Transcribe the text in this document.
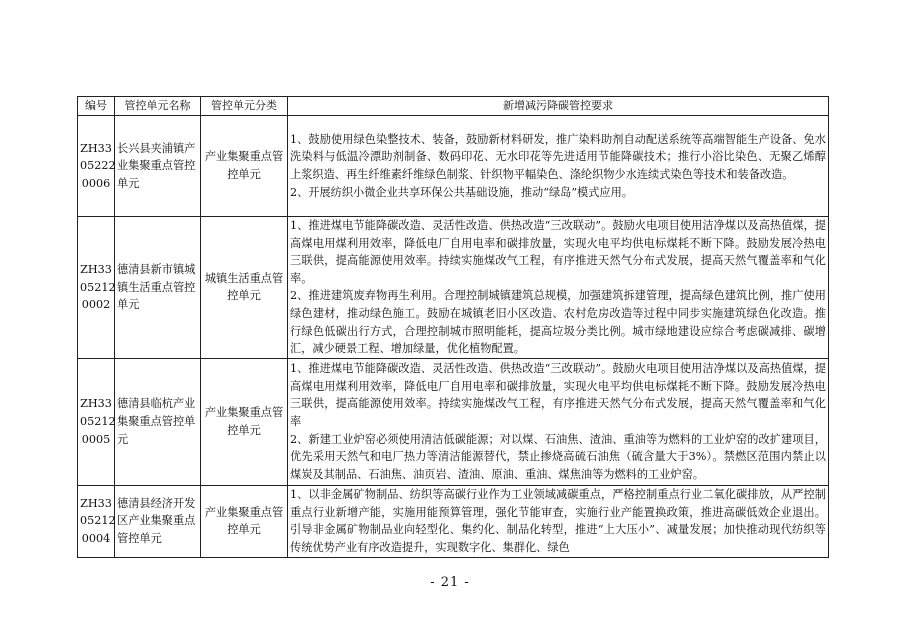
编号	管控单元名称	管控单元分类	新增减污降碳管控要求
ZH33 05222 0006	长兴县夹浦镇产业集聚重点管控单元	产业集聚重点管控单元	1、鼓励使用绿色染整技术、装备，鼓励新材料研发，推广染料助剂自动配送系统等高端智能生产设备、免水洗染料与低温冷漂助剂制备、数码印花、无水印花等先进适用节能降碳技术；推行小浴比染色、无聚乙烯醇上浆织造、再生纤维素纤维绿色制浆、针织物平幅染色、涤纶织物少水连续式染色等技术和装备改造。

2、开展纺织小微企业共享环保公共基础设施，推动“绿岛”模式应用。

ZH33 05212 0002	德清县新市镇城镇生活重点管控单元	城镇生活重点管控单元	1、推进煤电节能降碳改造、灵活性改造、供热改造“三改联动”。鼓励火电项目使用洁净煤以及高热值煤，提高煤电用煤利用效率，降低电厂自用电率和碳排放量，实现火电平均供电标煤耗不断下降。鼓励发展冷热电三联供，提高能源使用效率。持续实施煤改气工程，有序推进天然气分布式发展，提高天然气覆盖率和气化率。

2、推进建筑废弃物再生利用。合理控制城镇建筑总规模，加强建筑拆建管理，提高绿色建筑比例，推广使用绿色建材，推动绿色施工。鼓励在城镇老旧小区改造、农村危房改造等过程中同步实施建筑绿色化改造。推行绿色低碳出行方式，合理控制城市照明能耗，提高垃圾分类比例。城市绿地建设应综合考虑碳减排、碳增汇，减少硬景工程、增加绿量，优化植物配置。

ZH33 05212 0005	德清县临杭产业集聚重点管控单元	产业集聚重点管控单元	1、推进煤电节能降碳改造、灵活性改造、供热改造“三改联动”。鼓励火电项目使用洁净煤以及高热值煤，提高煤电用煤利用效率，降低电厂自用电率和碳排放量，实现火电平均供电标煤耗不断下降。鼓励发展冷热电三联供，提高能源使用效率。持续实施煤改气工程，有序推进天然气分布式发展，提高天然气覆盖率和气化率

2、新建工业炉窑必须使用清洁低碳能源；对以煤、石油焦、渣油、重油等为燃料的工业炉窑的改扩建项目，优先采用天然气和电厂热力等清洁能源替代，禁止掺烧高硫石油焦（硫含量大于3%）。禁燃区范围内禁止以煤炭及其制品、石油焦、油页岩、渣油、原油、重油、煤焦油等为燃料的工业炉窑。

ZH33 05212 0004	德清县经济开发区产业集聚重点管控单元	产业集聚重点管控单元	1、以非金属矿物制品、纺织等高碳行业作为工业领域减碳重点，严格控制重点行业二氧化碳排放，从严控制重点行业新增产能，实施用能预算管理，强化节能审查，实施行业产能置换政策，推进高碳低效企业退出。引导非金属矿物制品业向轻型化、集约化、制品化转型，推进“上大压小”、减量发展；加快推动现代纺织等传统优势产业有序改造提升，实现数字化、集群化、绿色

- 21 -
